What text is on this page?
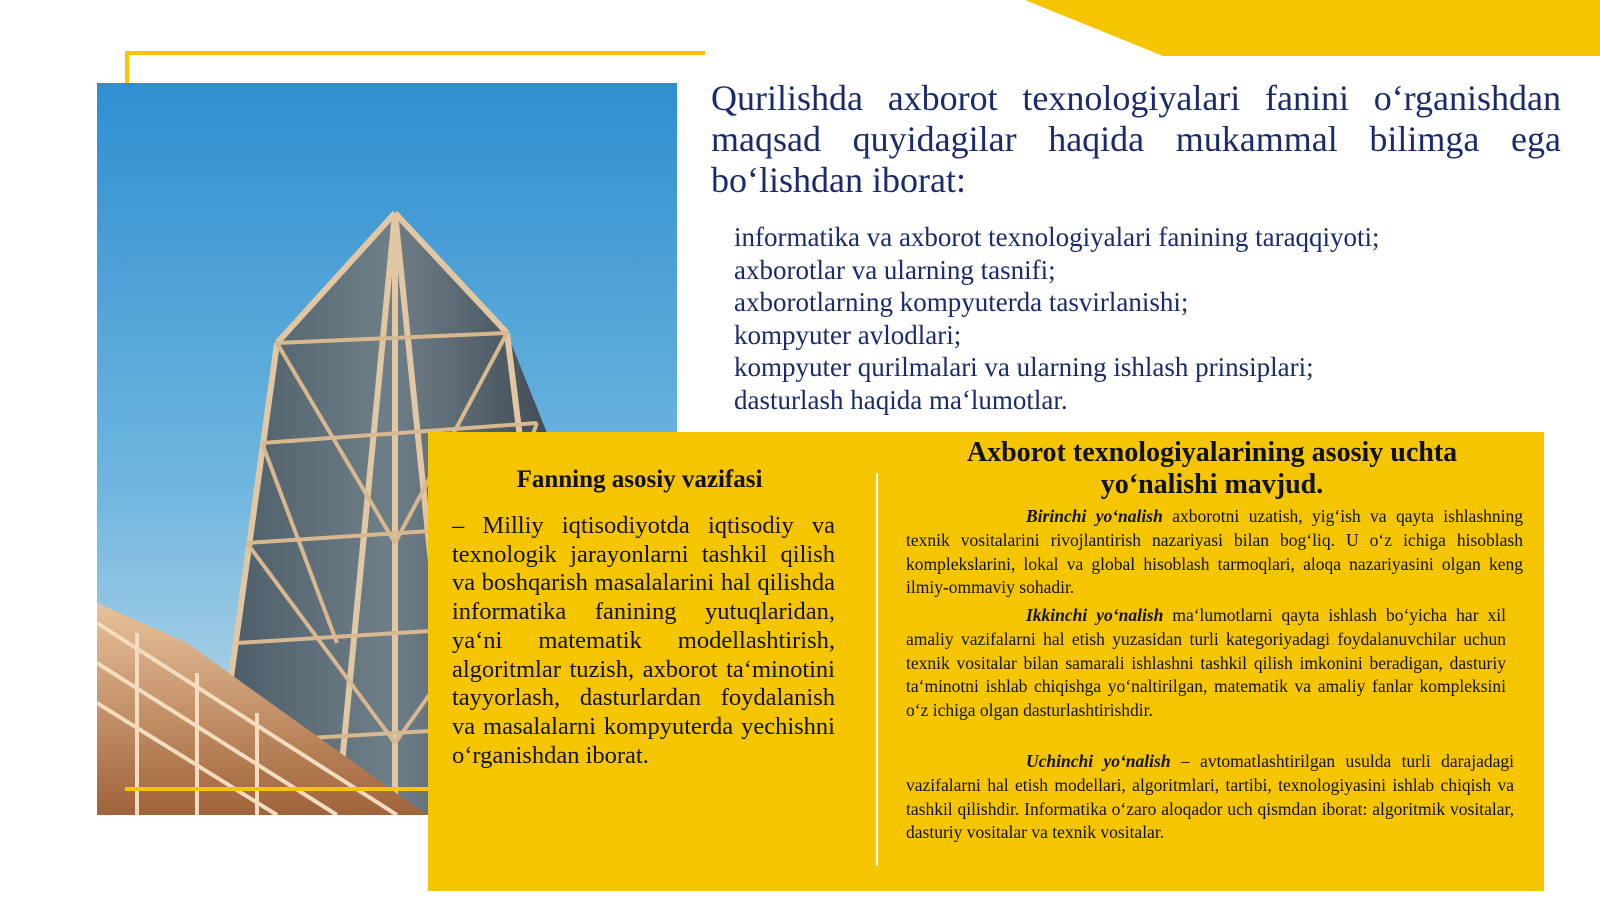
Qurilishda axborot texnologiyalari fanini o‘rganishdan maqsad quyidagilar haqida mukammal bilimga ega bo‘lishdan iborat:

informatika va axborot texnologiyalari fanining taraqqiyoti;
axborotlar va ularning tasnifi;
axborotlarning kompyuterda tasvirlanishi;
kompyuter avlodlari;
kompyuter qurilmalari va ularning ishlash prinsiplari;
dasturlash haqida ma‘lumotlar.
Fanning asosiy vazifasi

– Milliy iqtisodiyotda iqtisodiy va texnologik jarayonlarni tashkil qilish va boshqarish masalalarini hal qilishda informatika fanining yutuqlaridan, ya‘ni matematik modellashtirish, algoritmlar tuzish, axborot ta‘minotini tayyorlash, dasturlardan foydalanish va masalalarni kompyuterda yechishni o‘rganishdan iborat.

Axborot texnologiyalarining asosiy uchta yo‘nalishi mavjud.

Birinchi yo‘nalish axborotni uzatish, yig‘ish va qayta ishlashning texnik vositalarini rivojlantirish nazariyasi bilan bog‘liq. U o‘z ichiga hisoblash komplekslarini, lokal va global hisoblash tarmoqlari, aloqa nazariyasini olgan keng ilmiy-ommaviy sohadir.

Ikkinchi yo‘nalish ma‘lumotlarni qayta ishlash bo‘yicha har xil amaliy vazifalarni hal etish yuzasidan turli kategoriyadagi foydalanuvchilar uchun texnik vositalar bilan samarali ishlashni tashkil qilish imkonini beradigan, dasturiy ta‘minotni ishlab chiqishga yo‘naltirilgan, matematik va amaliy fanlar kompleksini o‘z ichiga olgan dasturlashtirishdir.

Uchinchi yo‘nalish – avtomatlashtirilgan usulda turli darajadagi vazifalarni hal etish modellari, algoritmlari, tartibi, texnologiyasini ishlab chiqish va tashkil qilishdir. Informatika o‘zaro aloqador uch qismdan iborat: algoritmik vositalar, dasturiy vositalar va texnik vositalar.
